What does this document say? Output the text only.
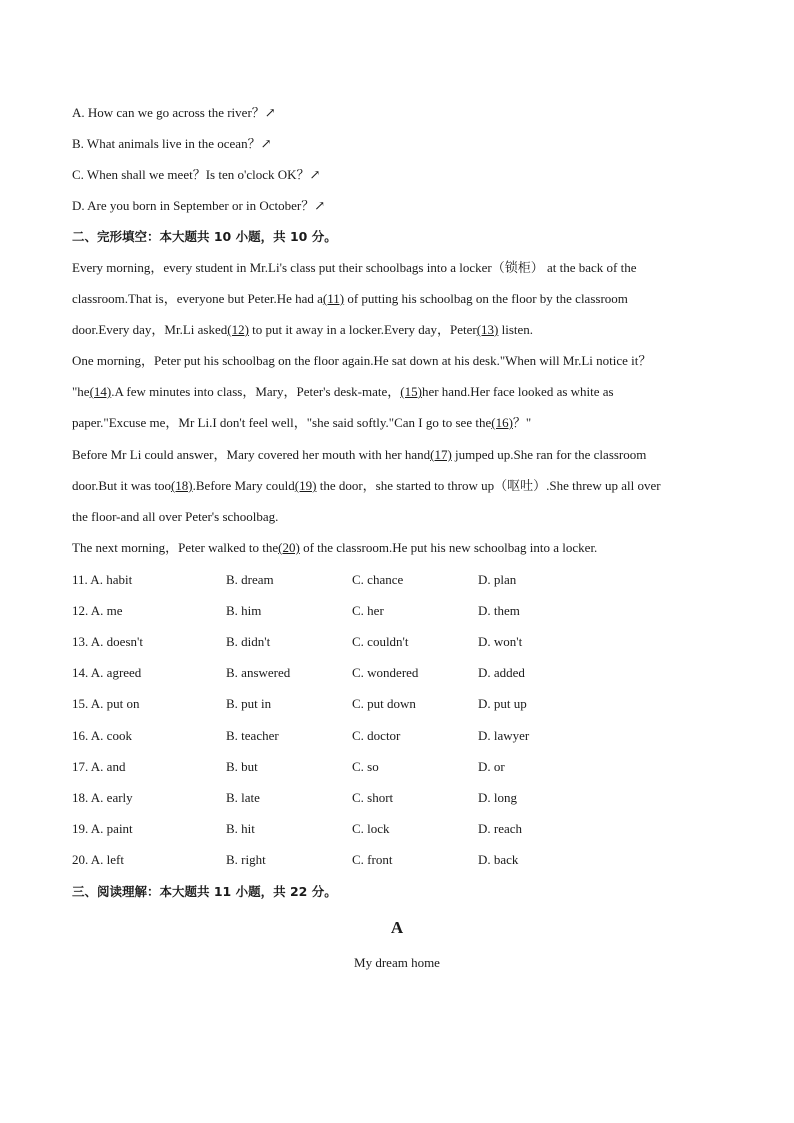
A. How can we go across the river？↗
B. What animals live in the ocean？↗
C. When shall we meet？Is ten o'clock OK？↗
D. Are you born in September or in October？↗
二、完形填空：本大题共 10 小题，共 10 分。
Every morning，every student in Mr.Li's class put their schoolbags into a locker（锁柜） at the back of the
classroom.That is，everyone but Peter.He had a(11) of putting his schoolbag on the floor by the classroom
door.Every day，Mr.Li asked(12) to put it away in a locker.Every day，Peter(13) listen.
One morning，Peter put his schoolbag on the floor again.He sat down at his desk."When will Mr.Li notice it？
"he(14).A few minutes into class，Mary，Peter's desk-mate，(15)her hand.Her face looked as white as
paper."Excuse me，Mr Li.I don't feel well，"she said softly."Can I go to see the(16)？"
Before Mr Li could answer，Mary covered her mouth with her hand(17) jumped up.She ran for the classroom
door.But it was too(18).Before Mary could(19) the door，she started to throw up（呕吐）.She threw up all over
the floor-and all over Peter's schoolbag.
The next morning，Peter walked to the(20) of the classroom.He put his new schoolbag into a locker.
11. A. habit	B. dream	C. chance	D. plan
12. A. me	B. him	C. her	D. them
13. A. doesn't	B. didn't	C. couldn't	D. won't
14. A. agreed	B. answered	C. wondered	D. added
15. A. put on	B. put in	C. put down	D. put up
16. A. cook	B. teacher	C. doctor	D. lawyer
17. A. and	B. but	C. so	D. or
18. A. early	B. late	C. short	D. long
19. A. paint	B. hit	C. lock	D. reach
20. A. left	B. right	C. front	D. back
三、阅读理解：本大题共 11 小题，共 22 分。
A
My dream home
